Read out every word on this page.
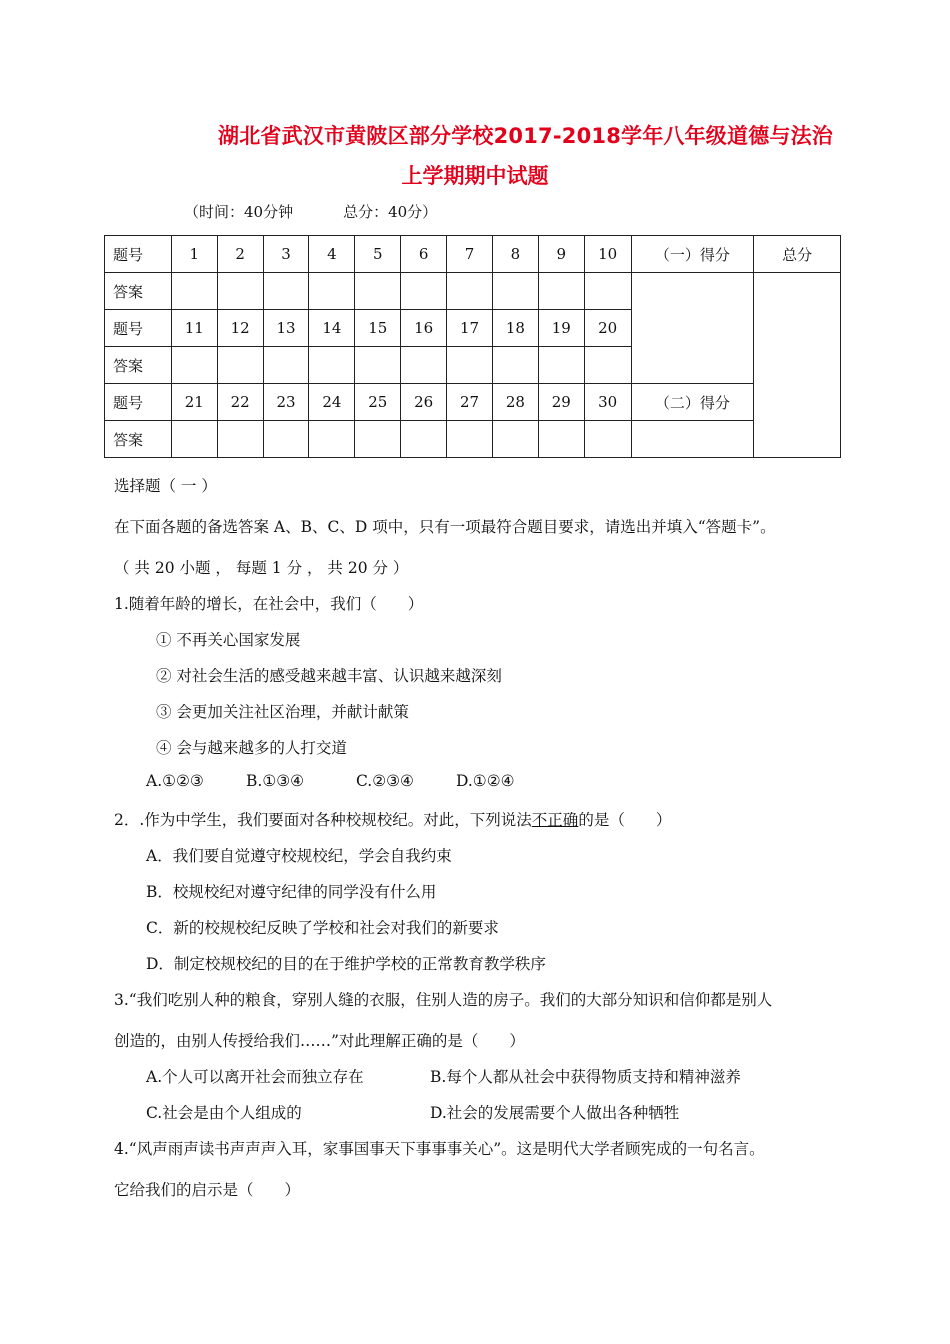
湖北省武汉市黄陂区部分学校2017-2018学年八年级道德与法治
上学期期中试题
（时间：40分钟	总分：40分）
题号	1	2	3	4	5	6	7	8	9	10	（一）得分	总分
答案												
题号	11	12	13	14	15	16	17	18	19	20		
答案												
题号	21	22	23	24	25	26	27	28	29	30	（二）得分	
答案												
选择题（ 一 ）
在下面各题的备选答案 A、B、C、D 项中，只有一项最符合题目要求，请选出并填入“答题卡”。
（ 共 20 小题 ， 每题 1 分 ， 共 20 分 ）
1.随着年龄的增长，在社会中，我们（　　）
① 不再关心国家发展
② 对社会生活的感受越来越丰富、认识越来越深刻
③ 会更加关注社区治理，并献计献策
④ 会与越来越多的人打交道
A.①②③	B.①③④	C.②③④	D.①②④
2．.作为中学生，我们要面对各种校规校纪。对此，下列说法不正确的是（　　）
A．我们要自觉遵守校规校纪，学会自我约束
B．校规校纪对遵守纪律的同学没有什么用
C．新的校规校纪反映了学校和社会对我们的新要求
D．制定校规校纪的目的在于维护学校的正常教育教学秩序
3.“我们吃别人种的粮食，穿别人缝的衣服，住别人造的房子。我们的大部分知识和信仰都是别人
创造的，由别人传授给我们……”对此理解正确的是（　　）
A.个人可以离开社会而独立存在	B.每个人都从社会中获得物质支持和精神滋养
C.社会是由个人组成的	D.社会的发展需要个人做出各种牺牲
4.“风声雨声读书声声声入耳，家事国事天下事事事关心”。这是明代大学者顾宪成的一句名言。
它给我们的启示是（　　）
